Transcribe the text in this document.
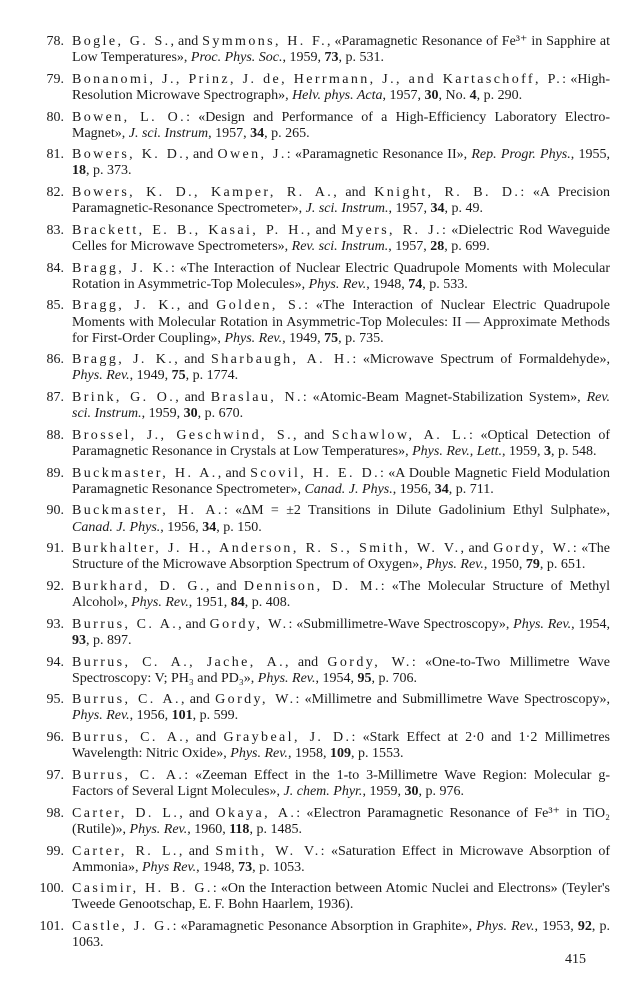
78. Bogle, G. S., and Symmons, H. F., «Paramagnetic Resonance of Fe³⁺ in Sapphire at Low Temperatures», Proc. Phys. Soc., 1959, 73, p. 531.
79. Bonanomi, J., Prinz, J. de, Herrmann, J., and Kartaschoff, P.: «High-Resolution Microwave Spectrograph», Helv. phys. Acta, 1957, 30, No. 4, p. 290.
80. Bowen, L. O.: «Design and Performance of a High-Efficiency Laboratory Electro-Magnet», J. sci. Instrum, 1957, 34, p. 265.
81. Bowers, K. D., and Owen, J.: «Paramagnetic Resonance II», Rep. Progr. Phys., 1955, 18, p. 373.
82. Bowers, K. D., Kamper, R. A., and Knight, R. B. D.: «A Precision Paramagnetic-Resonance Spectrometer», J. sci. Instrum., 1957, 34, p. 49.
83. Brackett, E. B., Kasai, P. H., and Myers, R. J.: «Dielectric Rod Waveguide Celles for Microwave Spectrometers», Rev. sci. Instrum., 1957, 28, p. 699.
84. Bragg, J. K.: «The Interaction of Nuclear Electric Quadrupole Moments with Molecular Rotation in Asymmetric-Top Molecules», Phys. Rev., 1948, 74, p. 533.
85. Bragg, J. K., and Golden, S.: «The Interaction of Nuclear Electric Quadrupole Moments with Molecular Rotation in Asymmetric-Top Molecules: II — Approximate Methods for First-Order Coupling», Phys. Rev., 1949, 75, p. 735.
86. Bragg, J. K., and Sharbaugh, A. H.: «Microwave Spectrum of Formaldehyde», Phys. Rev., 1949, 75, p. 1774.
87. Brink, G. O., and Braslau, N.: «Atomic-Beam Magnet-Stabilization System», Rev. sci. Instrum., 1959, 30, p. 670.
88. Brossel, J., Geschwind, S., and Schawlow, A. L.: «Optical Detection of Paramagnetic Resonance in Crystals at Low Temperatures», Phys. Rev., Lett., 1959, 3, p. 548.
89. Buckmaster, H. A., and Scovil, H. E. D.: «A Double Magnetic Field Modulation Paramagnetic Resonance Spectrometer», Canad. J. Phys., 1956, 34, p. 711.
90. Buckmaster, H. A.: «ΔM = ±2 Transitions in Dilute Gadolinium Ethyl Sulphate», Canad. J. Phys., 1956, 34, p. 150.
91. Burkhalter, J. H., Anderson, R. S., Smith, W. V., and Gordy, W.: «The Structure of the Microwave Absorption Spectrum of Oxygen», Phys. Rev., 1950, 79, p. 651.
92. Burkhard, D. G., and Dennison, D. M.: «The Molecular Structure of Methyl Alcohol», Phys. Rev., 1951, 84, p. 408.
93. Burrus, C. A., and Gordy, W.: «Submillimetre-Wave Spectroscopy», Phys. Rev., 1954, 93, p. 897.
94. Burrus, C. A., Jache, A., and Gordy, W.: «One-to-Two Millimetre Wave Spectroscopy: V; PH₃ and PD₃», Phys. Rev., 1954, 95, p. 706.
95. Burrus, C. A., and Gordy, W.: «Millimetre and Submillimetre Wave Spectroscopy», Phys. Rev., 1956, 101, p. 599.
96. Burrus, C. A., and Graybeal, J. D.: «Stark Effect at 2·0 and 1·2 Millimetres Wavelength: Nitric Oxide», Phys. Rev., 1958, 109, p. 1553.
97. Burrus, C. A.: «Zeeman Effect in the 1-to 3-Millimetre Wave Region: Molecular g-Factors of Several Lignt Molecules», J. chem. Phyr., 1959, 30, p. 976.
98. Carter, D. L., and Okaya, A.: «Electron Paramagnetic Resonance of Fe³⁺ in TiO₂ (Rutile)», Phys. Rev., 1960, 118, p. 1485.
99. Carter, R. L., and Smith, W. V.: «Saturation Effect in Microwave Absorption of Ammonia», Phys Rev., 1948, 73, p. 1053.
100. Casimir, H. B. G.: «On the Interaction between Atomic Nuclei and Electrons» (Teyler's Tweede Genootschap, E. F. Bohn Haarlem, 1936).
101. Castle, J. G.: «Paramagnetic Pesonance Absorption in Graphite», Phys. Rev., 1953, 92, p. 1063.
415
